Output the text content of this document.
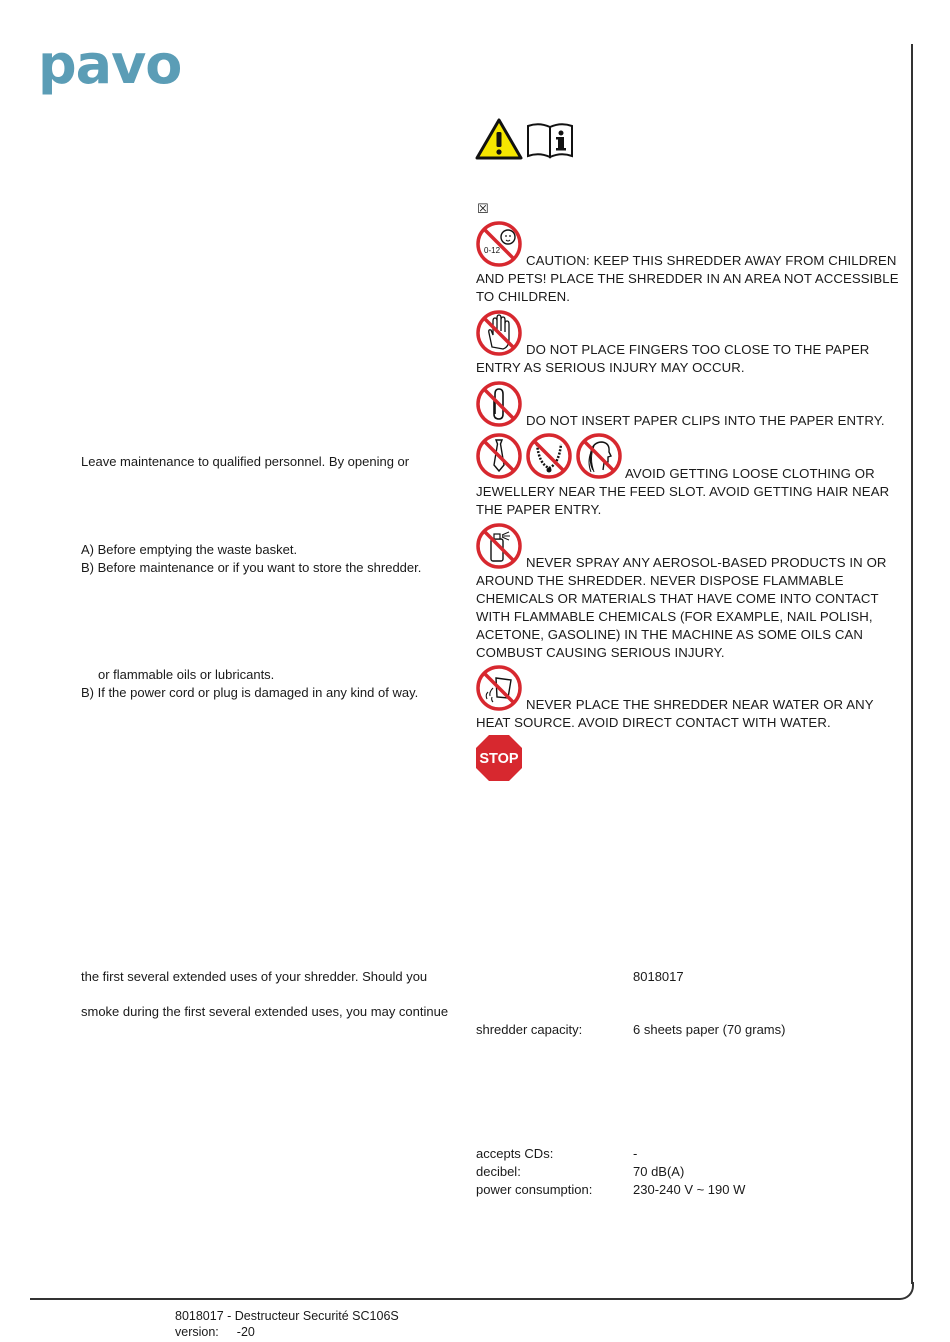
pavo
☒
0-12
CAUTION: KEEP THIS SHREDDER AWAY FROM CHILDREN AND PETS! PLACE THE SHREDDER IN AN AREA NOT ACCESSIBLE TO CHILDREN.
DO NOT PLACE FINGERS TOO CLOSE TO THE PAPER ENTRY AS SERIOUS INJURY MAY OCCUR.
DO NOT INSERT PAPER CLIPS INTO THE PAPER ENTRY.
AVOID GETTING LOOSE CLOTHING OR JEWELLERY NEAR THE FEED SLOT. AVOID GETTING HAIR NEAR THE PAPER ENTRY.
NEVER SPRAY ANY AEROSOL-BASED PRODUCTS IN OR AROUND THE SHREDDER. NEVER DISPOSE FLAMMABLE CHEMICALS OR MATERIALS THAT HAVE COME INTO CONTACT WITH FLAMMABLE CHEMICALS (FOR EXAMPLE, NAIL POLISH, ACETONE, GASOLINE) IN THE MACHINE AS SOME OILS CAN COMBUST CAUSING SERIOUS INJURY.
NEVER PLACE THE SHREDDER NEAR WATER OR ANY HEAT SOURCE. AVOID DIRECT CONTACT WITH WATER.
STOP
Leave maintenance to qualified personnel. By opening or
A) Before emptying the waste basket.
B) Before maintenance or if you want to store the shredder.
or flammable oils or lubricants.
B) If the power cord or plug is damaged in any kind of way.
the first several extended uses of your shredder. Should you
smoke during the first several extended uses, you may continue
8018017
shredder capacity:	6 sheets paper (70 grams)
accepts CDs:	-
decibel:	70 dB(A)
power consumption:	230-240 V ~ 190 W
8018017 - Destructeur Securité SC106S
version: -20
